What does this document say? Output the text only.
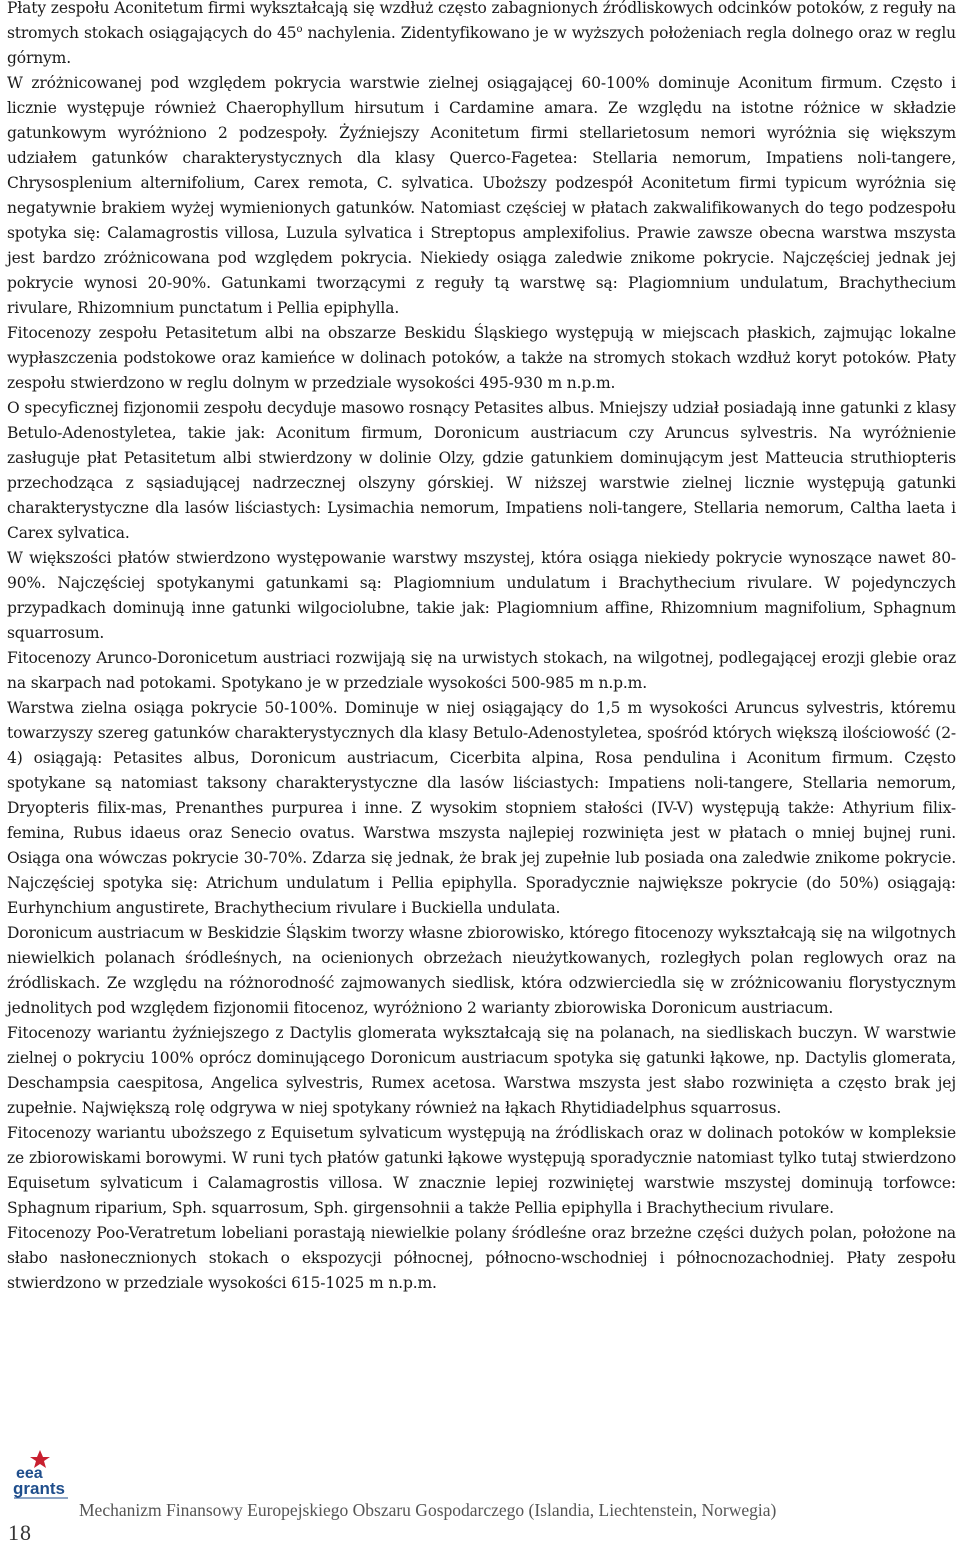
Płaty zespołu Aconitetum firmi wykształcają się wzdłuż często zabagnionych źródliskowych odcinków potoków, z reguły na stromych stokach osiągających do 45$^o$ nachylenia. Zidentyfikowano je w wyższych położeniach regla dolnego oraz w reglu górnym.

W zróżnicowanej pod względem pokrycia warstwie zielnej osiągającej 60-100% dominuje Aconitum firmum. Często i licznie występuje również Chaerophyllum hirsutum i Cardamine amara. Ze względu na istotne różnice w składzie gatunkowym wyróżniono 2 podzespoły. Żyźniejszy Aconitetum firmi stellarietosum nemori wyróżnia się większym udziałem gatunków charakterystycznych dla klasy Querco-Fagetea: Stellaria nemorum, Impatiens noli-tangere, Chrysosplenium alternifolium, Carex remota, C. sylvatica. Uboższy podzespół Aconitetum firmi typicum wyróżnia się negatywnie brakiem wyżej wymienionych gatunków. Natomiast częściej w płatach zakwalifikowanych do tego podzespołu spotyka się: Calamagrostis villosa, Luzula sylvatica i Streptopus amplexifolius. Prawie zawsze obecna warstwa mszysta jest bardzo zróżnicowana pod względem pokrycia. Niekiedy osiąga zaledwie znikome pokrycie. Najczęściej jednak jej pokrycie wynosi 20-90%. Gatunkami tworzącymi z reguły tą warstwę są: Plagiomnium undulatum, Brachythecium rivulare, Rhizomnium punctatum i Pellia epiphylla.

Fitocenozy zespołu Petasitetum albi na obszarze Beskidu Śląskiego występują w miejscach płaskich, zajmując lokalne wypłaszczenia podstokowe oraz kamieńce w dolinach potoków, a także na stromych stokach wzdłuż koryt potoków. Płaty zespołu stwierdzono w reglu dolnym w przedziale wysokości 495-930 m n.p.m.

O specyficznej fizjonomii zespołu decyduje masowo rosnący Petasites albus. Mniejszy udział posiadają inne gatunki z klasy Betulo-Adenostyletea, takie jak: Aconitum firmum, Doronicum austriacum czy Aruncus sylvestris. Na wyróżnienie zasługuje płat Petasitetum albi stwierdzony w dolinie Olzy, gdzie gatunkiem dominującym jest Matteucia struthiopteris przechodząca z sąsiadującej nadrzecznej olszyny górskiej. W niższej warstwie zielnej licznie występują gatunki charakterystyczne dla lasów liściastych: Lysimachia nemorum, Impatiens noli-tangere, Stellaria nemorum, Caltha laeta i Carex sylvatica.

W większości płatów stwierdzono występowanie warstwy mszystej, która osiąga niekiedy pokrycie wynoszące nawet 80-90%. Najczęściej spotykanymi gatunkami są: Plagiomnium undulatum i Brachythecium rivulare. W pojedynczych przypadkach dominują inne gatunki wilgociolubne, takie jak: Plagiomnium affine, Rhizomnium magnifolium, Sphagnum squarrosum.

Fitocenozy Arunco-Doronicetum austriaci rozwijają się na urwistych stokach, na wilgotnej, podlegającej erozji glebie oraz na skarpach nad potokami. Spotykano je w przedziale wysokości 500-985 m n.p.m.

Warstwa zielna osiąga pokrycie 50-100%. Dominuje w niej osiągający do 1,5 m wysokości Aruncus sylvestris, któremu towarzyszy szereg gatunków charakterystycznych dla klasy Betulo-Adenostyletea, spośród których większą ilościowość (2-4) osiągają: Petasites albus, Doronicum austriacum, Cicerbita alpina, Rosa pendulina i Aconitum firmum. Często spotykane są natomiast taksony charakterystyczne dla lasów liściastych: Impatiens noli-tangere, Stellaria nemorum, Dryopteris filix-mas, Prenanthes purpurea i inne. Z wysokim stopniem stałości (IV-V) występują także: Athyrium filix-femina, Rubus idaeus oraz Senecio ovatus. Warstwa mszysta najlepiej rozwinięta jest w płatach o mniej bujnej runi. Osiąga ona wówczas pokrycie 30-70%. Zdarza się jednak, że brak jej zupełnie lub posiada ona zaledwie znikome pokrycie. Najczęściej spotyka się: Atrichum undulatum i Pellia epiphylla. Sporadycznie największe pokrycie (do 50%) osiągają: Eurhynchium angustirete, Brachythecium rivulare i Buckiella undulata.

Doronicum austriacum w Beskidzie Śląskim tworzy własne zbiorowisko, którego fitocenozy wykształcają się na wilgotnych niewielkich polanach śródleśnych, na ocienionych obrzeżach nieużytkowanych, rozległych polan reglowych oraz na źródliskach. Ze względu na różnorodność zajmowanych siedlisk, która odzwierciedla się w zróżnicowaniu florystycznym jednolitych pod względem fizjonomii fitocenoz, wyróżniono 2 warianty zbiorowiska Doronicum austriacum.

Fitocenozy wariantu żyźniejszego z Dactylis glomerata wykształcają się na polanach, na siedliskach buczyn. W warstwie zielnej o pokryciu 100% oprócz dominującego Doronicum austriacum spotyka się gatunki łąkowe, np. Dactylis glomerata, Deschampsia caespitosa, Angelica sylvestris, Rumex acetosa. Warstwa mszysta jest słabo rozwinięta a często brak jej zupełnie. Największą rolę odgrywa w niej spotykany również na łąkach Rhytidiadelphus squarrosus.

Fitocenozy wariantu uboższego z Equisetum sylvaticum występują na źródliskach oraz w dolinach potoków w kompleksie ze zbiorowiskami borowymi. W runi tych płatów gatunki łąkowe występują sporadycznie natomiast tylko tutaj stwierdzono Equisetum sylvaticum i Calamagrostis villosa. W znacznie lepiej rozwiniętej warstwie mszystej dominują torfowce: Sphagnum riparium, Sph. squarrosum, Sph. girgensohnii a także Pellia epiphylla i Brachythecium rivulare.

Fitocenozy Poo-Veratretum lobeliani porastają niewielkie polany śródleśne oraz brzeżne części dużych polan, położone na słabo nasłonecznionych stokach o ekspozycji północnej, północno-wschodniej i północnozachodniej. Płaty zespołu stwierdzono w przedziale wysokości 615-1025 m n.p.m.

eea
grants
18
Mechanizm Finansowy Europejskiego Obszaru Gospodarczego (Islandia, Liechtenstein, Norwegia)
